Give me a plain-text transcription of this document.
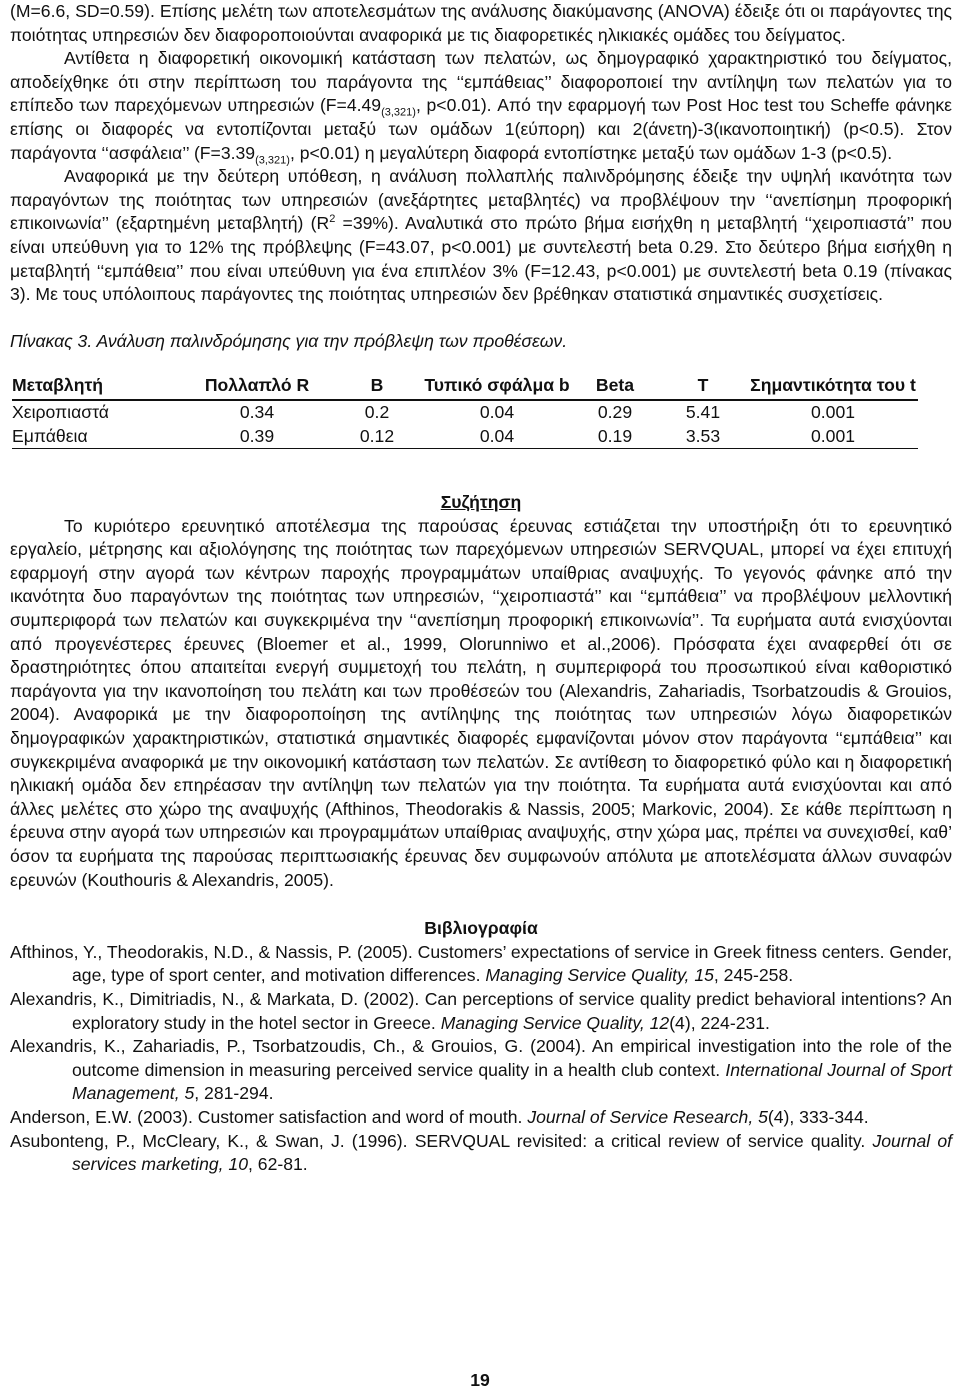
(M=6.6, SD=0.59). Επίσης μελέτη των αποτελεσμάτων της ανάλυσης διακύμανσης (ANOVA) έδειξε ότι οι παράγοντες της ποιότητας υπηρεσιών δεν διαφοροποιούνται αναφορικά με τις διαφορετικές ηλικιακές ομάδες του δείγματος.

Αντίθετα η διαφορετική οικονομική κατάσταση των πελατών, ως δημογραφικό χαρακτηριστικό του δείγματος, αποδείχθηκε ότι στην περίπτωση του παράγοντα της ‘‘εμπάθειας’’ διαφοροποιεί την αντίληψη των πελατών για το επίπεδο των παρεχόμενων υπηρεσιών ($F=4.49_{(3,321)}$, p<0.01). Από την εφαρμογή των Post Hoc test του Scheffe φάνηκε επίσης οι διαφορές να εντοπίζονται μεταξύ των ομάδων 1(εύπορη) και 2(άνετη)-3(ικανοποιητική) (p<0.5). Στον παράγοντα ‘‘ασφάλεια’’ ($F=3.39_{(3,321)}$, p<0.01) η μεγαλύτερη διαφορά εντοπίστηκε μεταξύ των ομάδων 1-3 (p<0.5).

Αναφορικά με την δεύτερη υπόθεση, η ανάλυση πολλαπλής παλινδρόμησης έδειξε την υψηλή ικανότητα των παραγόντων της ποιότητας των υπηρεσιών (ανεξάρτητες μεταβλητές) να προβλέψουν την ‘‘ανεπίσημη προφορική επικοινωνία’’ (εξαρτημένη μεταβλητή) $(R^2 =39\%)$. Αναλυτικά στο πρώτο βήμα εισήχθη η μεταβλητή ‘‘χειροπιαστά’’ που είναι υπεύθυνη για το 12% της πρόβλεψης (F=43.07, p<0.001) με συντελεστή beta 0.29. Στο δεύτερο βήμα εισήχθη η μεταβλητή ‘‘εμπάθεια’’ που είναι υπεύθυνη για ένα επιπλέον 3% (F=12.43, p<0.001) με συντελεστή beta 0.19 (πίνακας 3). Με τους υπόλοιπους παράγοντες της ποιότητας υπηρεσιών δεν βρέθηκαν στατιστικά σημαντικές συσχετίσεις.

Πίνακας 3. Ανάλυση παλινδρόμησης για την πρόβλεψη των προθέσεων.

Μεταβλητή	Πολλαπλό R	B	Τυπικό σφάλμα b	Beta	T	Σημαντικότητα του t
Χειροπιαστά	0.34	0.2	0.04	0.29	5.41	0.001
Εμπάθεια	0.39	0.12	0.04	0.19	3.53	0.001
Συζήτηση

Το κυριότερο ερευνητικό αποτέλεσμα της παρούσας έρευνας εστιάζεται την υποστήριξη ότι το ερευνητικό εργαλείο, μέτρησης και αξιολόγησης της ποιότητας των παρεχόμενων υπηρεσιών SERVQUAL, μπορεί να έχει επιτυχή εφαρμογή στην αγορά των κέντρων παροχής προγραμμάτων υπαίθριας αναψυχής. Το γεγονός φάνηκε από την ικανότητα δυο παραγόντων της ποιότητας των υπηρεσιών, ‘‘χειροπιαστά’’ και ‘‘εμπάθεια’’ να προβλέψουν μελλοντική συμπεριφορά των πελατών και συγκεκριμένα την ‘‘ανεπίσημη προφορική επικοινωνία’’. Τα ευρήματα αυτά ενισχύονται από προγενέστερες έρευνες (Bloemer et al., 1999, Olorunniwo et al.,2006). Πρόσφατα έχει αναφερθεί ότι σε δραστηριότητες όπου απαιτείται ενεργή συμμετοχή του πελάτη, η συμπεριφορά του προσωπικού είναι καθοριστικό παράγοντα για την ικανοποίηση του πελάτη και των προθέσεών του (Alexandris, Zahariadis, Tsorbatzoudis & Grouios, 2004). Αναφορικά με την διαφοροποίηση της αντίληψης της ποιότητας των υπηρεσιών λόγω διαφορετικών δημογραφικών χαρακτηριστικών, στατιστικά σημαντικές διαφορές εμφανίζονται μόνον στον παράγοντα ‘‘εμπάθεια’’ και συγκεκριμένα αναφορικά με την οικονομική κατάσταση των πελατών. Σε αντίθεση το διαφορετικό φύλο και η διαφορετική ηλικιακή ομάδα δεν επηρέασαν την αντίληψη των πελατών για την ποιότητα. Τα ευρήματα αυτά ενισχύονται και από άλλες μελέτες στο χώρο της αναψυχής (Afthinos, Theodorakis & Nassis, 2005; Markovic, 2004). Σε κάθε περίπτωση η έρευνα στην αγορά των υπηρεσιών και προγραμμάτων υπαίθριας αναψυχής, στην χώρα μας, πρέπει να συνεχισθεί, καθ’ όσον τα ευρήματα της παρούσας περιπτωσιακής έρευνας δεν συμφωνούν απόλυτα με αποτελέσματα άλλων συναφών ερευνών (Kouthouris & Alexandris, 2005).

Βιβλιογραφία

Afthinos, Y., Theodorakis, N.D., & Nassis, P. (2005). Customers’ expectations of service in Greek fitness centers. Gender, age, type of sport center, and motivation differences. Managing Service Quality, 15, 245-258.

Alexandris, K., Dimitriadis, N., & Markata, D. (2002). Can perceptions of service quality predict behavioral intentions? An exploratory study in the hotel sector in Greece. Managing Service Quality, 12(4), 224-231.

Alexandris, K., Zahariadis, P., Tsorbatzoudis, Ch., & Grouios, G. (2004). An empirical investigation into the role of the outcome dimension in measuring perceived service quality in a health club context. International Journal of Sport Management, 5, 281-294.

Anderson, E.W. (2003). Customer satisfaction and word of mouth. Journal of Service Research, 5(4), 333-344.

Asubonteng, P., McCleary, K., & Swan, J. (1996). SERVQUAL revisited: a critical review of service quality. Journal of services marketing, 10, 62-81.

19
